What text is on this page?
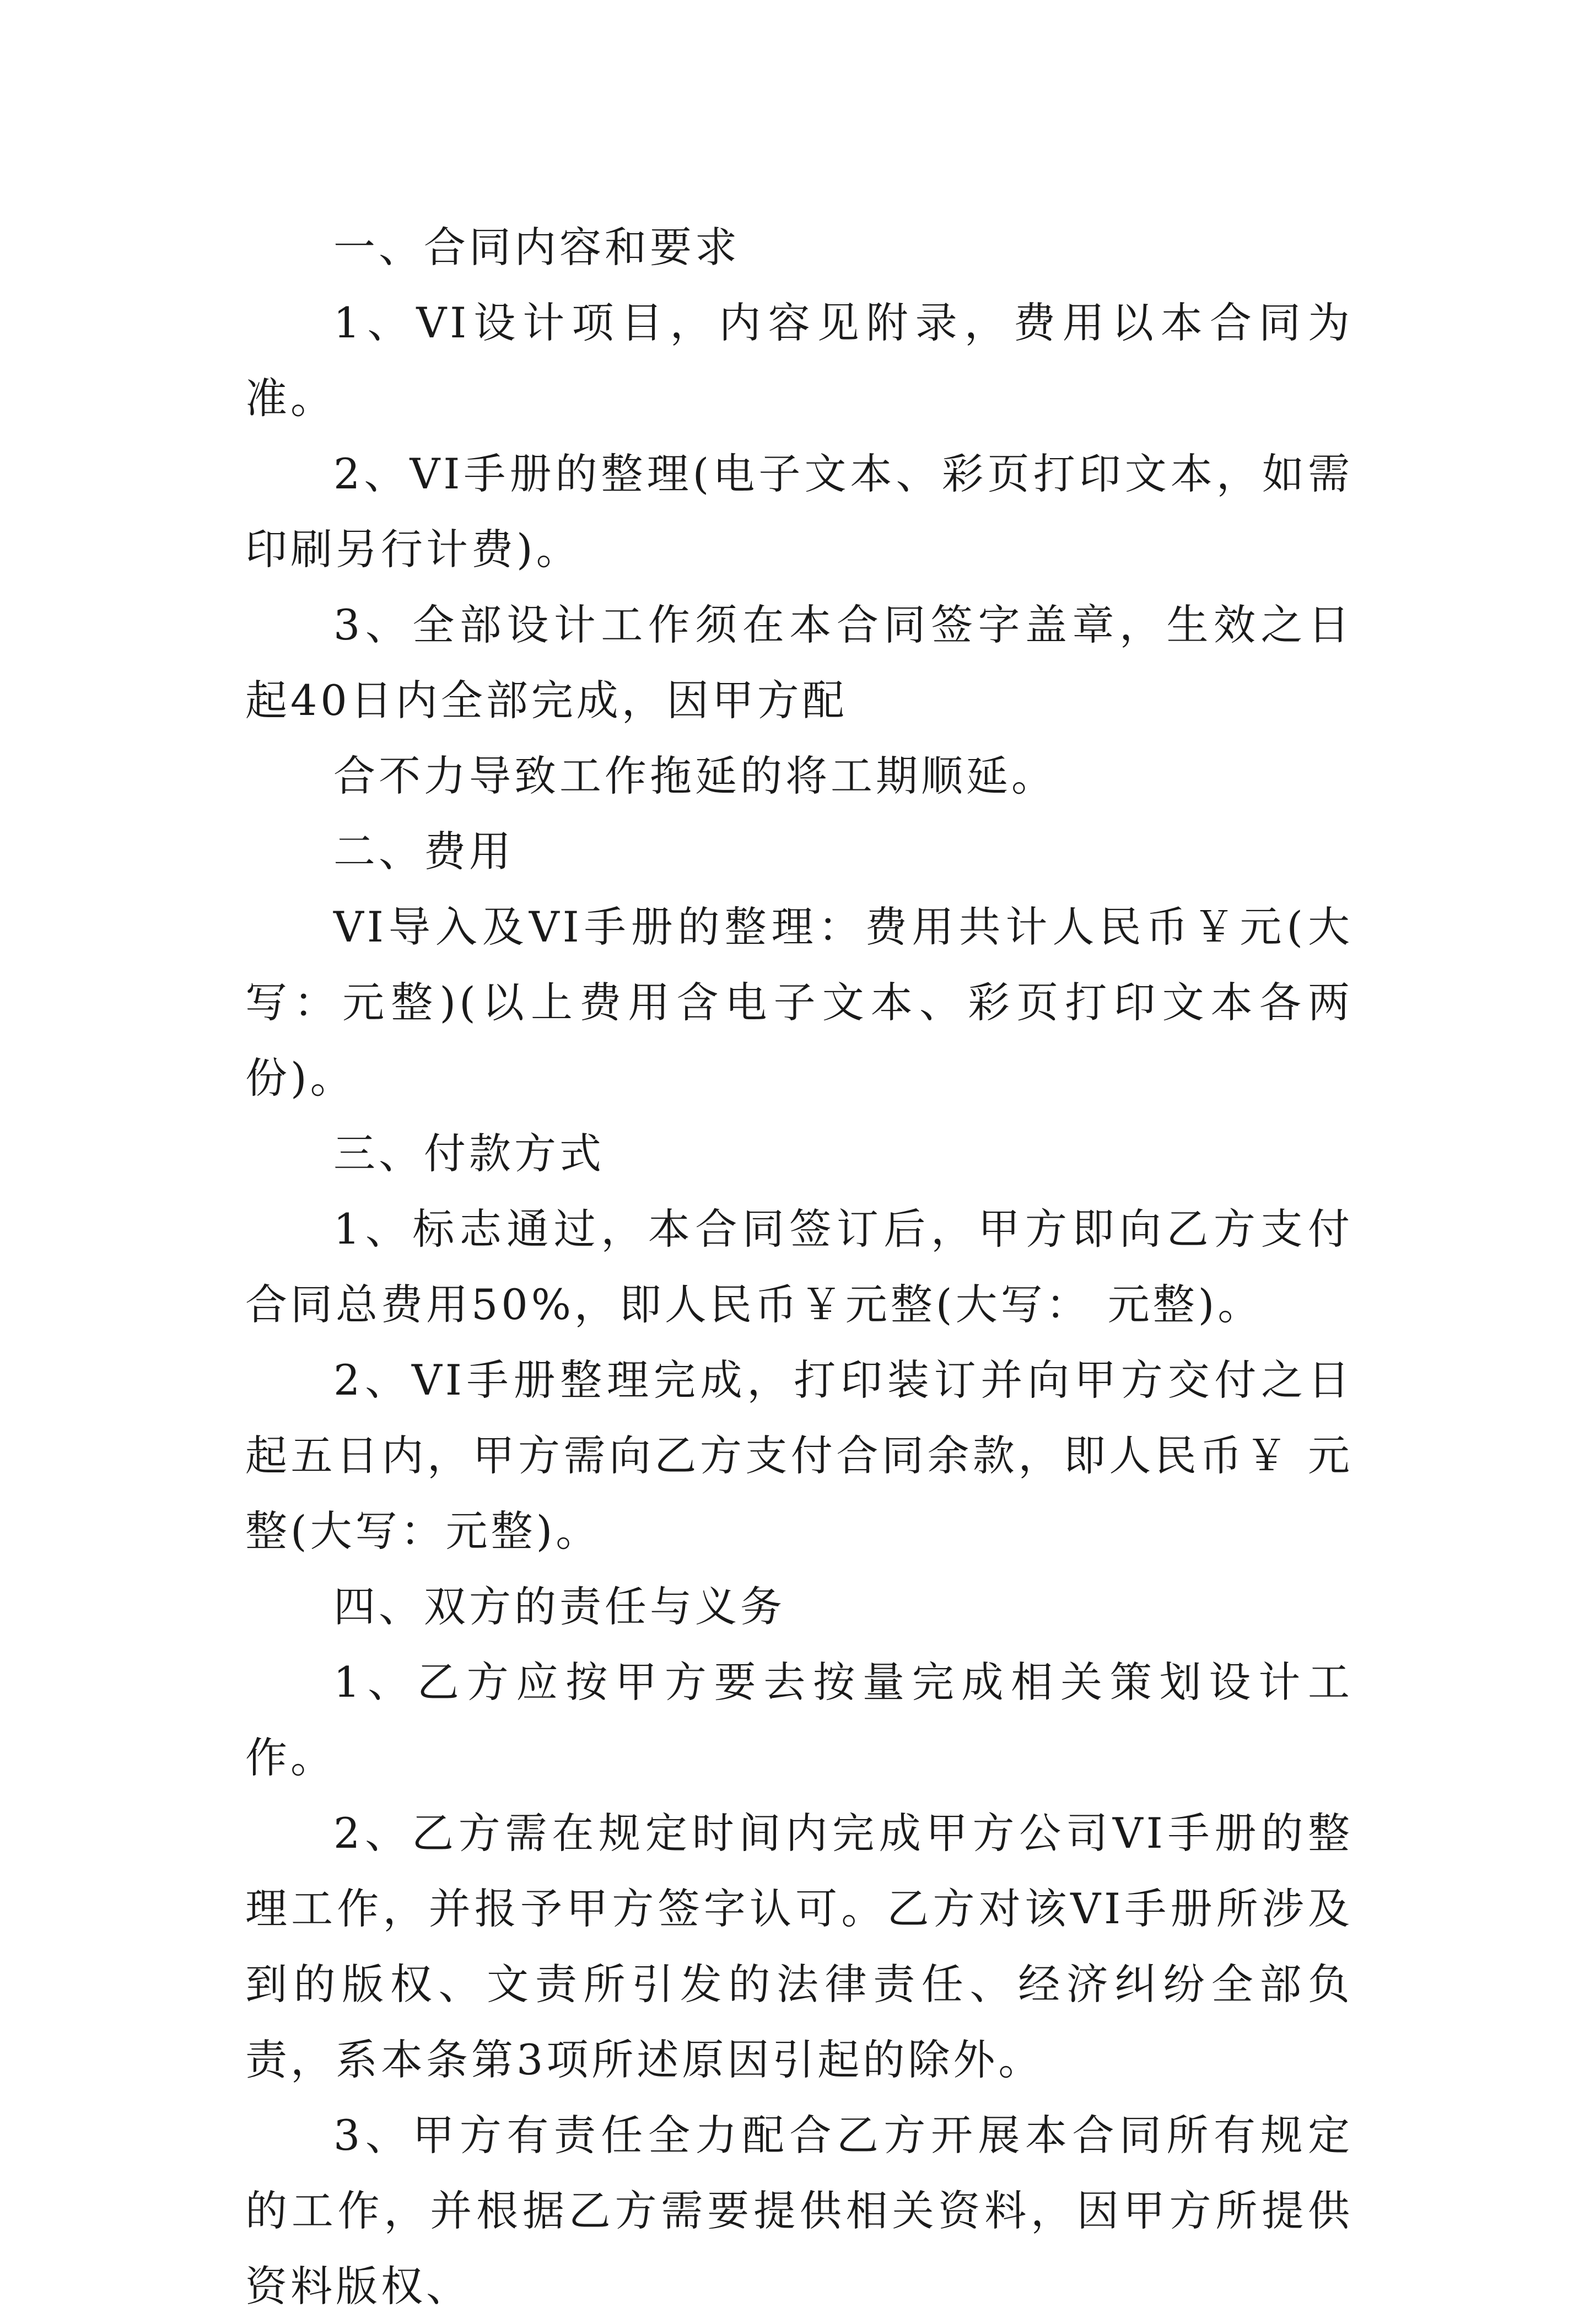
一、合同内容和要求

1、VI设计项目，内容见附录，费用以本合同为准。

2、VI手册的整理(电子文本、彩页打印文本，如需印刷另行计费)。

3、全部设计工作须在本合同签字盖章，生效之日起40日内全部完成，因甲方配

合不力导致工作拖延的将工期顺延。

二、费用

VI导入及VI手册的整理：费用共计人民币￥元(大写：元整)(以上费用含电子文本、彩页打印文本各两份)。

三、付款方式

1、标志通过，本合同签订后，甲方即向乙方支付合同总费用50%，即人民币￥元整(大写： 元整)。

2、VI手册整理完成，打印装订并向甲方交付之日起五日内，甲方需向乙方支付合同余款，即人民币￥ 元整(大写：元整)。

四、双方的责任与义务

1、乙方应按甲方要去按量完成相关策划设计工作。

2、乙方需在规定时间内完成甲方公司VI手册的整理工作，并报予甲方签字认可。乙方对该VI手册所涉及到的版权、文责所引发的法律责任、经济纠纷全部负责，系本条第3项所述原因引起的除外。

3、甲方有责任全力配合乙方开展本合同所有规定的工作，并根据乙方需要提供相关资料，因甲方所提供资料版权、
